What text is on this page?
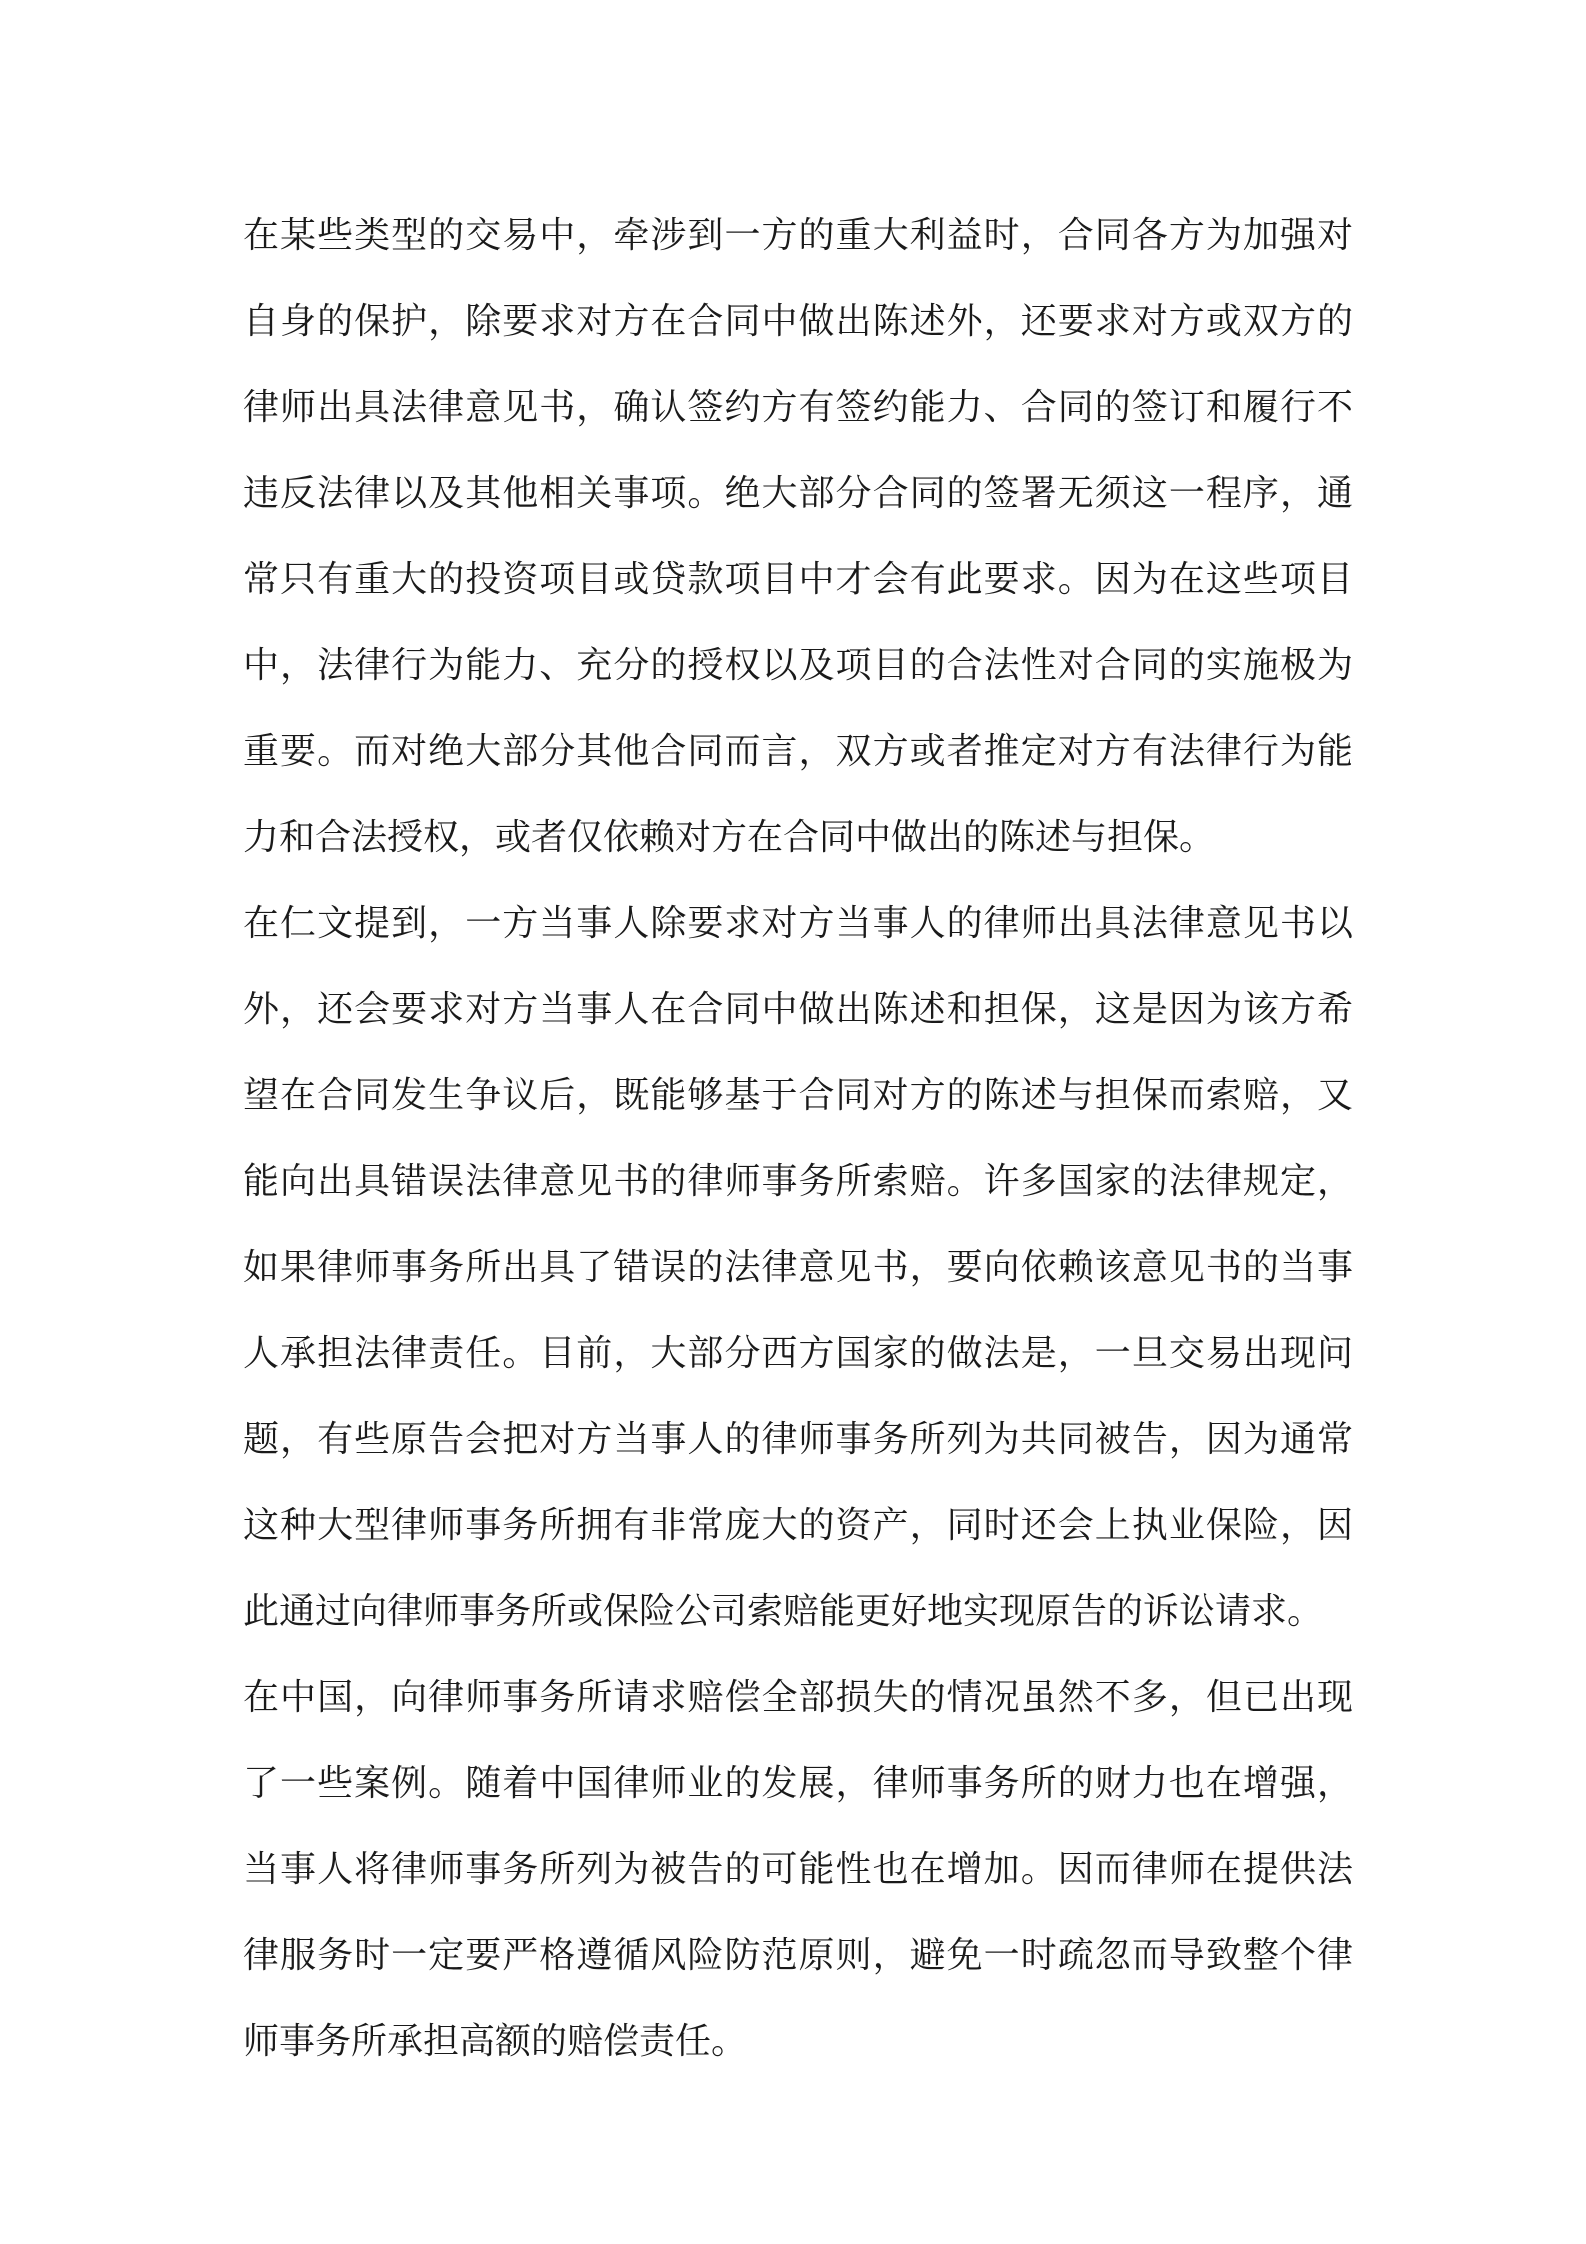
在某些类型的交易中，牵涉到一方的重大利益时，合同各方为加强对自身的保护，除要求对方在合同中做出陈述外，还要求对方或双方的律师出具法律意见书，确认签约方有签约能力、合同的签订和履行不违反法律以及其他相关事项。绝大部分合同的签署无须这一程序，通常只有重大的投资项目或贷款项目中才会有此要求。因为在这些项目中，法律行为能力、充分的授权以及项目的合法性对合同的实施极为重要。而对绝大部分其他合同而言，双方或者推定对方有法律行为能力和合法授权，或者仅依赖对方在合同中做出的陈述与担保。

在仁文提到，一方当事人除要求对方当事人的律师出具法律意见书以外，还会要求对方当事人在合同中做出陈述和担保，这是因为该方希望在合同发生争议后，既能够基于合同对方的陈述与担保而索赔，又能向出具错误法律意见书的律师事务所索赔。许多国家的法律规定，如果律师事务所出具了错误的法律意见书，要向依赖该意见书的当事人承担法律责任。目前，大部分西方国家的做法是，一旦交易出现问题，有些原告会把对方当事人的律师事务所列为共同被告，因为通常这种大型律师事务所拥有非常庞大的资产，同时还会上执业保险，因此通过向律师事务所或保险公司索赔能更好地实现原告的诉讼请求。

在中国，向律师事务所请求赔偿全部损失的情况虽然不多，但已出现了一些案例。随着中国律师业的发展，律师事务所的财力也在增强，当事人将律师事务所列为被告的可能性也在增加。因而律师在提供法律服务时一定要严格遵循风险防范原则，避免一时疏忽而导致整个律师事务所承担高额的赔偿责任。
